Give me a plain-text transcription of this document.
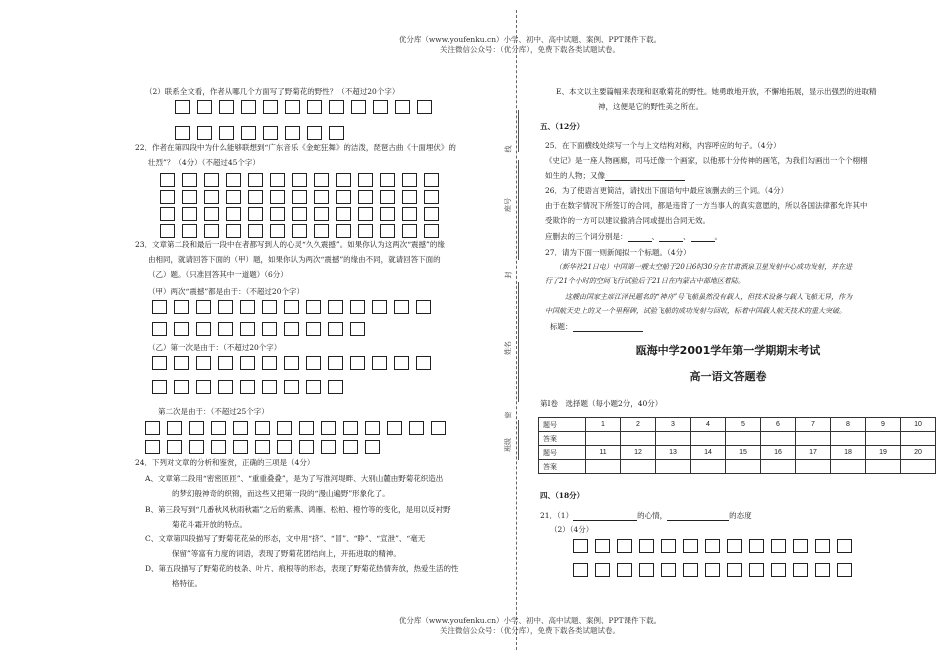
优分库（www.youfenku.cn）小学、初中、高中试题、案例、PPT课件下载。
关注微信公众号：（优分库），免费下载各类试题试卷。
线
座号
封
姓名
密
班级
（2）联系全文看，作者从哪几个方面写了野菊花的野性？（不超过20个字）
22．作者在第四段中为什么能够联想到“广东音乐《金蛇狂舞》的洁泼，琵琶古曲《十面埋伏》的
壮烈”？（4分）（不超过45个字）
23．文章第二段和最后一段中在者都写到人的心灵“久久震撼”。如果你认为这两次“震撼”的缘
由相同，就请回答下面的（甲）题，如果你认为两次“震撼”的缘由不同，就请回答下面的
（乙）题。（只准回答其中一道题）（6分）
（甲）两次“震撼”都是由于：（不超过20个字）
（乙）第一次是由于：（不超过20个字）
第二次是由于：（不超过25个字）
24．下列对文章的分析和鉴赏，正确的三项是（4分）
A、文章第二段用“密密匝匝”、“重重叠叠”，是为了写淮河堤畔、大别山麓由野菊花织造出
的梦幻般神奇的织锦，而这些又把第一段的“漫山遍野”形象化了。
B、第三段写到“几番秋风秋雨秋霜”之后的紫燕、鸿雁、松柏、橙竹等的变化，是用以反衬野
菊花斗霜开放的特点。
C、文章第四段描写了野菊花花朵的形态，文中用“挤”、“冒”、“睁”、“宣泄”、“毫无
保留”等富有力度的词语，表现了野菊花团结向上，开拓进取的精神。
D、第五段描写了野菊花的枝条、叶片、痕根等的形态，表现了野菊花热情奔放，热爱生活的性
格特征。
E、本文以主要篇幅来表现和讴歌菊花的野性。她勇敢地开放，不懈地拓展，显示出强烈的进取精
神，这便是它的野性美之所在。
五、（12分）
25．在下面横线处续写一个与上文结构对称，内容呼应的句子。（4分）
《史记》是一座人物画廊，司马迁像一个画家，以他那十分传神的画笔，为我们勾画出一个个栩栩
如生的人物；又像
26．为了使语言更简洁，请找出下面语句中最应该删去的三个词。（4分）
由于在数字情况下所签订的合同，都是违背了一方当事人的真实意愿的，所以各国法律都允许其中
受欺诈的一方可以建议撤消合同或提出合同无效。
应删去的三个词分别是：	、	、	。
27．请为下面一则新闻拟一个标题。（4分）
（新华社21日电）中国第一艘太空船于20日6时30分在甘肃酒泉卫星发射中心成功发射，并在进
行了21个小时的空间飞行试验后于21日在内蒙古中部地区着陆。
这艘由国家主席江泽民题名的“神舟”号飞船虽然没有载人，但技术设备与载人飞船无异，作为
中国航天史上的又一个里程碑，试验飞船的成功发射与回收，标着中国载人航天技术的重大突破。
标题：
瓯海中学2001学年第一学期期末考试
高一语文答题卷
第Ⅰ卷　选择题（每小题2分，40分）
题号	1	2	3	4	5	6	7	8	9	10
答案										
题号	11	12	13	14	15	16	17	18	19	20
答案										
四、（18分）
21．（1）	的心情，	的态度
（2）（4分）
优分库（www.youfenku.cn）小学、初中、高中试题、案例、PPT课件下载。
关注微信公众号：（优分库），免费下载各类试题试卷。
